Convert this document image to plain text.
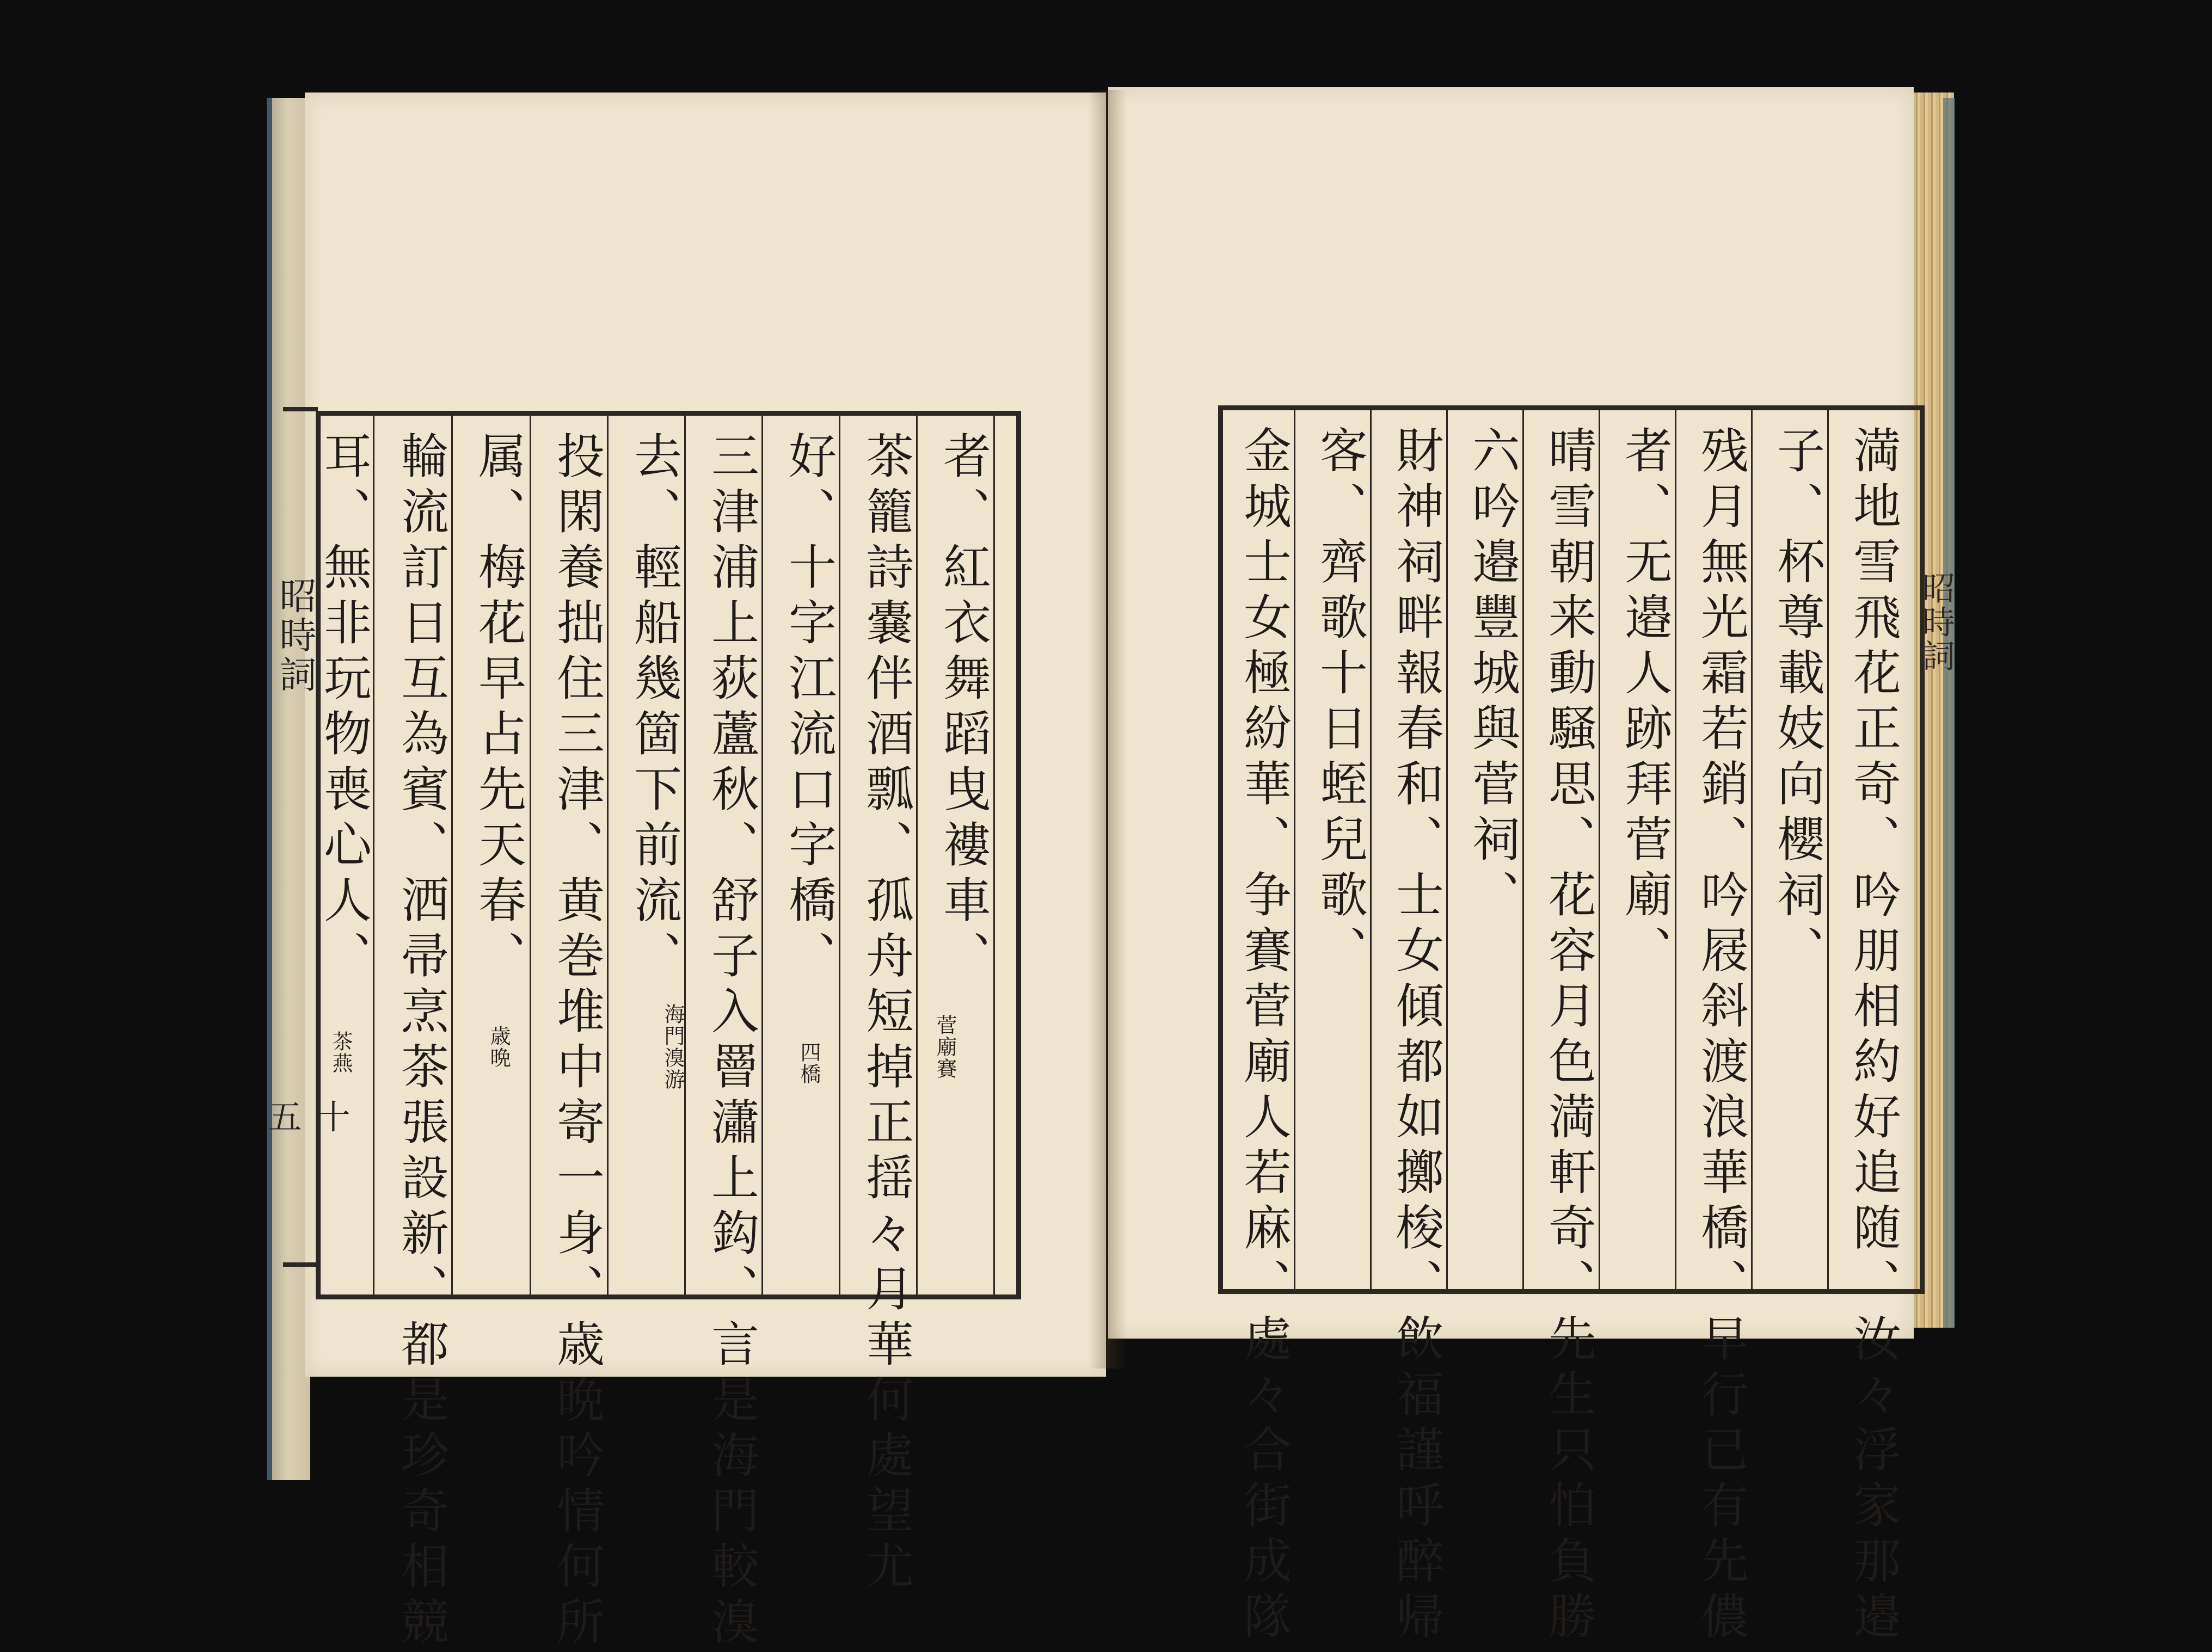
昭時詞	昭時詞
者、紅衣舞蹈曳褸車、
茶籠詩嚢伴酒瓢、孤舟短掉正揺々月華何處望尤
好、十字江流口字橋、
三津浦上荻蘆秋、舒子入罾瀟上鈎、言是海門較溴
去、輕船幾箇下前流、
投閑養拙住三津、黄巻堆中寄一身、歳晩吟情何所
属、梅花早占先天春、
輪流訂日互為賓、洒帚烹茶張設新、都是珍奇相競
耳、無非玩物喪心人、
菅廟賽
四橋
海門溴游
歳晩
茶燕
十五	満地雪飛花正奇、吟朋相約好追随、汝々浮家那邉
子、杯尊載妓向櫻祠、
残月無光霜若銷、吟屐斜渡浪華橋、早行已有先儂
者、无邉人跡拜菅廟、
晴雪朝来動騒思、花容月色満軒奇、先生只怕負勝
六吟邉豐城與菅祠、
財神祠畔報春和、士女傾都如擲梭、飲福謹呼醉帰
客、齊歌十日蛭兒歌、
金城士女極紛華、争賽菅廟人若麻、處々合街成隊
